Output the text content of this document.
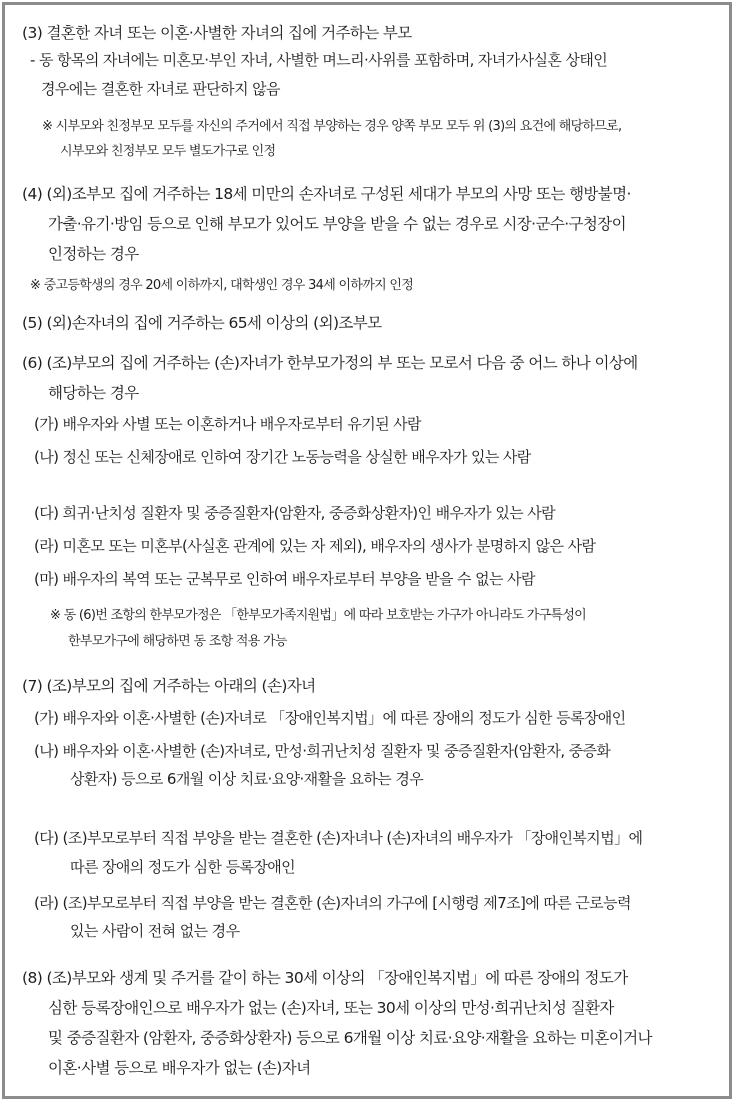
(3) 결혼한 자녀 또는 이혼·사별한 자녀의 집에 거주하는 부모
- 동 항목의 자녀에는 미혼모·부인 자녀, 사별한 며느리·사위를 포함하며, 자녀가사실혼 상태인
경우에는 결혼한 자녀로 판단하지 않음
※ 시부모와 친정부모 모두를 자신의 주거에서 직접 부양하는 경우 양쪽 부모 모두 위 (3)의 요건에 해당하므로,
시부모와 친정부모 모두 별도가구로 인정
(4) (외)조부모 집에 거주하는 18세 미만의 손자녀로 구성된 세대가 부모의 사망 또는 행방불명·
가출·유기·방임 등으로 인해 부모가 있어도 부양을 받을 수 없는 경우로 시장·군수·구청장이
인정하는 경우
※ 중고등학생의 경우 20세 이하까지, 대학생인 경우 34세 이하까지 인정
(5) (외)손자녀의 집에 거주하는 65세 이상의 (외)조부모
(6) (조)부모의 집에 거주하는 (손)자녀가 한부모가정의 부 또는 모로서 다음 중 어느 하나 이상에
해당하는 경우
(가) 배우자와 사별 또는 이혼하거나 배우자로부터 유기된 사람
(나) 정신 또는 신체장애로 인하여 장기간 노동능력을 상실한 배우자가 있는 사람
(다) 희귀·난치성 질환자 및 중증질환자(암환자, 중증화상환자)인 배우자가 있는 사람
(라) 미혼모 또는 미혼부(사실혼 관계에 있는 자 제외), 배우자의 생사가 분명하지 않은 사람
(마) 배우자의 복역 또는 군복무로 인하여 배우자로부터 부양을 받을 수 없는 사람
※ 동 (6)번 조항의 한부모가정은 「한부모가족지원법」에 따라 보호받는 가구가 아니라도 가구특성이
한부모가구에 해당하면 동 조항 적용 가능
(7) (조)부모의 집에 거주하는 아래의 (손)자녀
(가) 배우자와 이혼·사별한 (손)자녀로 「장애인복지법」에 따른 장애의 정도가 심한 등록장애인
(나) 배우자와 이혼·사별한 (손)자녀로, 만성·희귀난치성 질환자 및 중증질환자(암환자, 중증화
상환자) 등으로 6개월 이상 치료·요양·재활을 요하는 경우
(다) (조)부모로부터 직접 부양을 받는 결혼한 (손)자녀나 (손)자녀의 배우자가 「장애인복지법」에
따른 장애의 정도가 심한 등록장애인
(라) (조)부모로부터 직접 부양을 받는 결혼한 (손)자녀의 가구에 [시행령 제7조]에 따른 근로능력
있는 사람이 전혀 없는 경우
(8) (조)부모와 생계 및 주거를 같이 하는 30세 이상의 「장애인복지법」에 따른 장애의 정도가
심한 등록장애인으로 배우자가 없는 (손)자녀, 또는 30세 이상의 만성·희귀난치성 질환자
및 중증질환자 (암환자, 중증화상환자) 등으로 6개월 이상 치료·요양·재활을 요하는 미혼이거나
이혼·사별 등으로 배우자가 없는 (손)자녀
